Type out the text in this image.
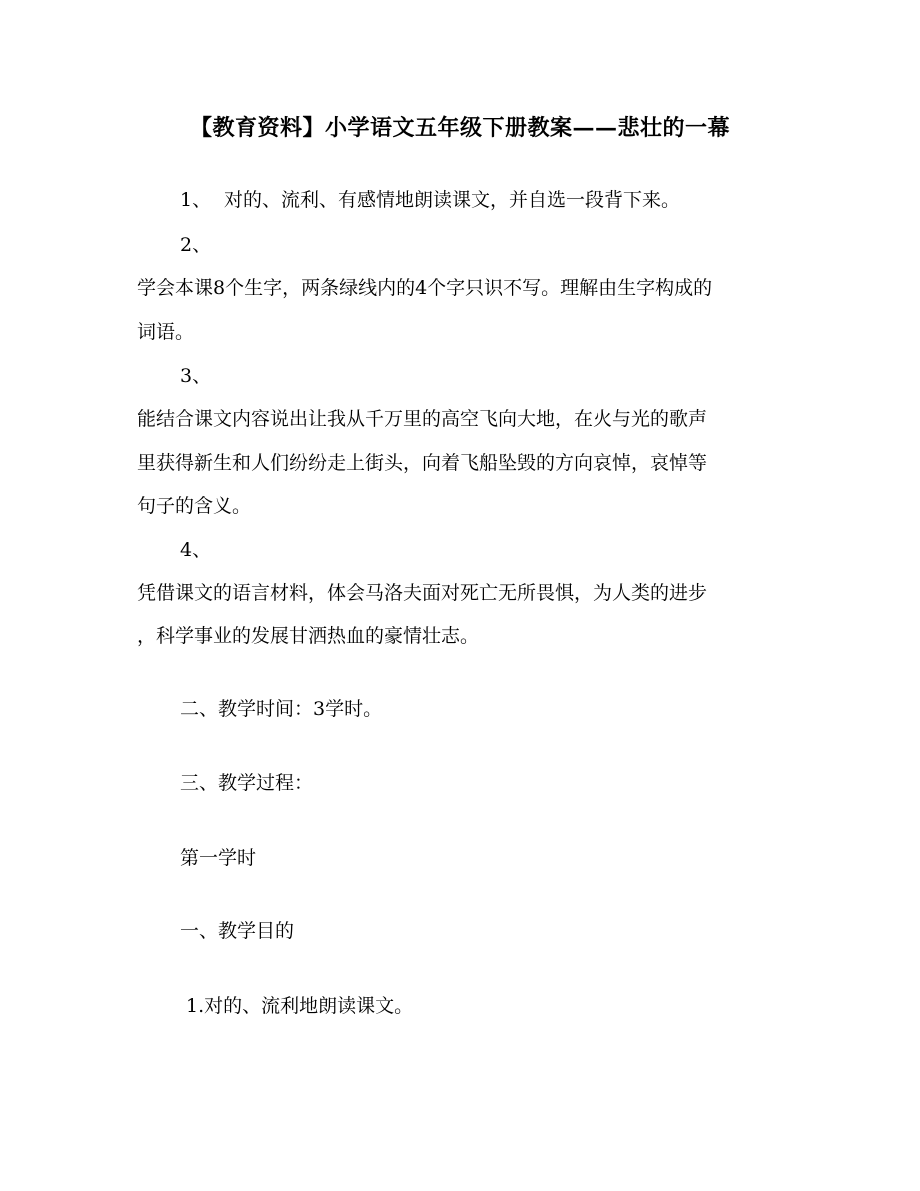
【教育资料】小学语文五年级下册教案——悲壮的一幕
1、 对的、流利、有感情地朗读课文，并自选一段背下来。
2、
学会本课8个生字，两条绿线内的4个字只识不写。理解由生字构成的
词语。
3、
能结合课文内容说出让我从千万里的高空飞向大地，在火与光的歌声
里获得新生和人们纷纷走上街头，向着飞船坠毁的方向哀悼，哀悼等
句子的含义。
4、
凭借课文的语言材料，体会马洛夫面对死亡无所畏惧，为人类的进步
，科学事业的发展甘洒热血的豪情壮志。
二、教学时间：3学时。
三、教学过程：
第一学时
一、教学目的
1.对的、流利地朗读课文。
